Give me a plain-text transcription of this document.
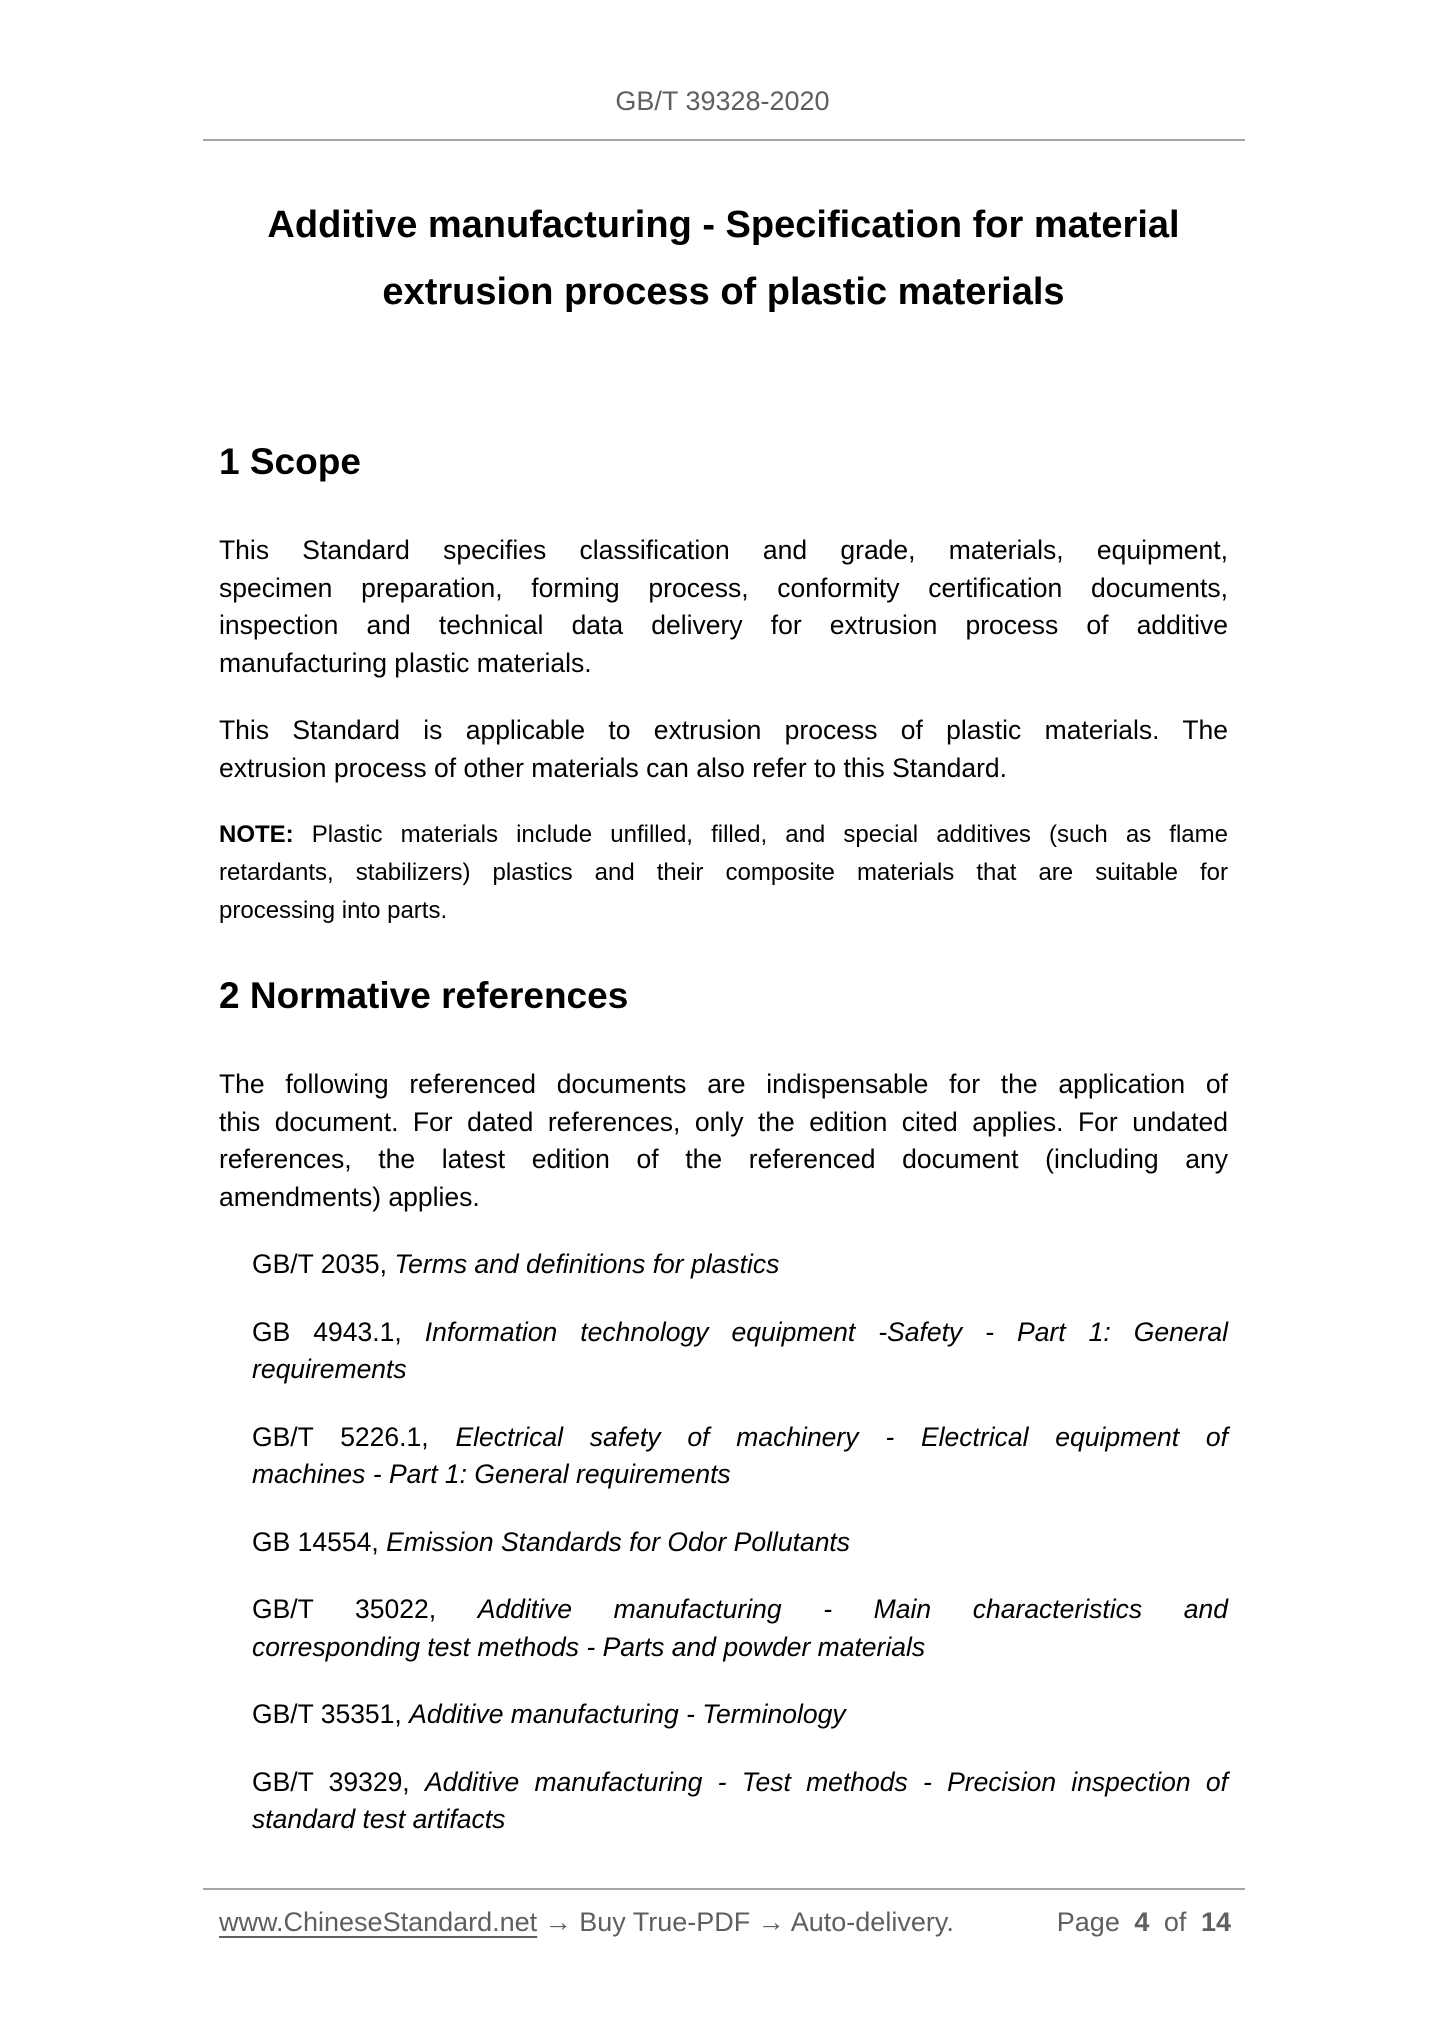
GB/T 39328-2020
Additive manufacturing - Specification for material
extrusion process of plastic materials
1 Scope
This Standard specifies classification and grade, materials, equipment,
specimen preparation, forming process, conformity certification documents,
inspection and technical data delivery for extrusion process of additive
manufacturing plastic materials.
This Standard is applicable to extrusion process of plastic materials. The
extrusion process of other materials can also refer to this Standard.
NOTE: Plastic materials include unfilled, filled, and special additives (such as flame
retardants, stabilizers) plastics and their composite materials that are suitable for
processing into parts.
2 Normative references
The following referenced documents are indispensable for the application of
this document. For dated references, only the edition cited applies. For undated
references, the latest edition of the referenced document (including any
amendments) applies.
GB/T 2035, Terms and definitions for plastics
GB 4943.1, Information technology equipment -Safety - Part 1: General
requirements
GB/T 5226.1, Electrical safety of machinery - Electrical equipment of
machines - Part 1: General requirements
GB 14554, Emission Standards for Odor Pollutants
GB/T 35022, Additive manufacturing - Main characteristics and
corresponding test methods - Parts and powder materials
GB/T 35351, Additive manufacturing - Terminology
GB/T 39329, Additive manufacturing - Test methods - Precision inspection of
standard test artifacts
www.ChineseStandard.net → Buy True-PDF → Auto-delivery.	Page 4 of 14
